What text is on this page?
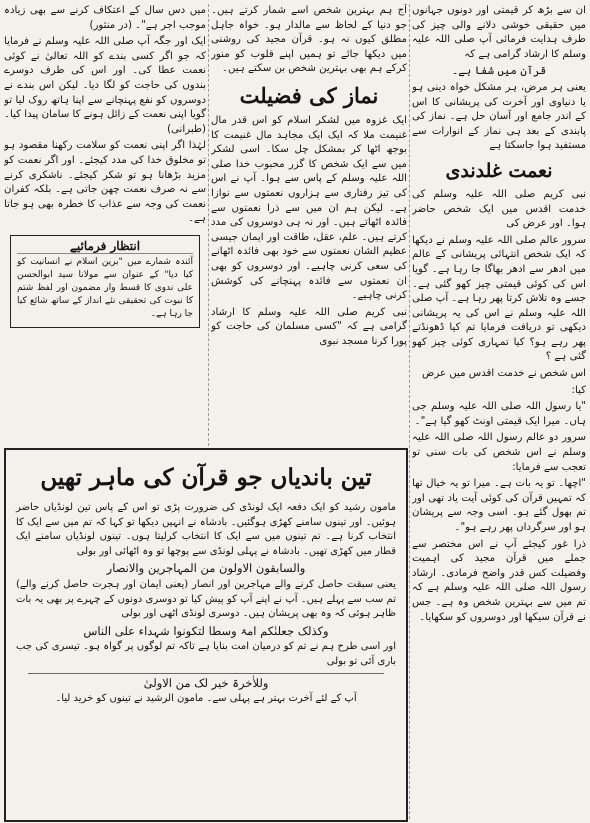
ان سے بڑھ کر قیمتی اور دونوں جہانوں میں حقیقی خوشی دلانے والی چیز کی طرف ہدایت فرمائی آپ صلی اللہ علیہ وسلم کا ارشاد گرامی ہے کہ

قرآن میں شفا ہے۔

یعنی ہر مرض، ہر مشکل خواہ دینی ہو یا دنیاوی اور آخرت کی پریشانی کا اس کے اندر جامع اور آسان حل ہے۔ نماز کی پابندی کے بعد ہی نماز کے انوارات سے مستفید ہوا جاسکتا ہے

نعمت غلدندی

نبی کریم صلی اللہ علیہ وسلم کی خدمت اقدس میں ایک شخص حاضر ہوا۔ اور عرض کی

سرور عالم صلی اللہ علیہ وسلم نے دیکھا کہ ایک شخص انتہائی پریشانی کے عالم میں ادھر سے ادھر بھاگا جا رہا ہے۔ گویا اس کی کوئی قیمتی چیز کھو گئی ہے۔ جسے وہ تلاش کرتا پھر رہا ہے۔ آپ صلی اللہ علیہ وسلم نے اس کی یہ پریشانی دیکھی تو دریافت فرمایا تم کیا ڈھونڈتے پھر رہے ہو؟ کیا تمہاری کوئی چیز کھو گئی ہے ؟

اس شخص نے خدمت اقدس میں عرض

کیا:

"یا رسول اللہ صلی اللہ علیہ وسلم جی ہاں۔ میرا ایک قیمتی اونٹ کھو گیا ہے"۔

سرور دو عالم رسول اللہ صلی اللہ علیہ وسلم نے اس شخص کی بات سنی تو تعجب سے فرمایا:

"اچھا۔ تو یہ بات ہے۔ میرا تو یہ خیال تھا کہ تمہیں قرآن کی کوئی آیت یاد تھی اور تم بھول گئے ہو۔ اسی وجہ سے پریشان ہو اور سرگرداں پھر رہے ہو"۔

ذرا غور کیجئے آپ نے اس مختصر سے جملے میں قرآن مجید کی اہمیت وفضیلت کس قدر واضح فرمادی۔ ارشاد رسول اللہ صلی اللہ علیہ وسلم ہے کہ تم میں سے بہترین شخص وہ ہے۔ جس نے قرآن سیکھا اور دوسروں کو سکھایا۔

آج ہم بہترین شخص اسے شمار کرتے ہیں۔ جو دنیا کے لحاظ سے مالدار ہو۔ خواہ جاہل مطلق کیوں نہ ہو۔ قرآن مجید کی روشنی میں دیکھا جائے تو ہمیں اپنے قلوب کو منور کرکے ہم بھی بہترین شخص بن سکتے ہیں۔

نماز کی فضیلت

ایک غزوہ میں لشکر اسلام کو اس قدر مال غنیمت ملا کہ ایک ایک مجاہد مال غنیمت کا بوجھ اٹھا کر بمشکل چل سکا۔ اسی لشکر میں سے ایک شخص کا گزر محبوب خدا صلی اللہ علیہ وسلم کے پاس سے ہوا۔ آپ نے اس کی تیز رفتاری سے ہزاروں نعمتوں سے نوازا ہے۔ لیکن ہم ان میں سے ذرا نعمتوں سے فائدہ اٹھاتے ہیں۔ اور نہ ہی دوسروں کی مدد کرتے ہیں۔ علم، عقل، طاقت اور ایمان جیسی عظیم الشان نعمتوں سے خود بھی فائدہ اٹھانے کی سعی کرنی چاہیے۔ اور دوسروں کو بھی ان نعمتوں سے فائدہ پہنچانے کی کوشش کرنی چاہیے۔

نبی کریم صلی اللہ علیہ وسلم کا ارشاد گرامی ہے کہ "کسی مسلمان کی حاجت کو پورا کرنا مسجد نبوی

میں دس سال کے اعتکاف کرنے سے بھی زیادہ موجب اجر ہے"۔ (در منثور)

ایک اور جگہ آپ صلی اللہ علیہ وسلم نے فرمایا کہ جو اگر کسی بندے کو اللہ تعالیٰ نے کوئی نعمت عطا کی۔ اور اس کی طرف دوسرے بندوں کی حاجت کو لگا دیا۔ لیکن اس بندے نے دوسروں کو نفع پہنچانے سے اپنا ہاتھ روک لیا تو گویا اپنی نعمت کے زائل ہونے کا سامان پیدا کیا۔ (طبرانی)

لہٰذا اگر اپنی نعمت کو سلامت رکھنا مقصود ہو تو مخلوق خدا کی مدد کیجئے۔ اور اگر نعمت کو مزید بڑھانا ہو تو شکر کیجئے۔ ناشکری کرنے سے نہ صرف نعمت چھن جاتی ہے۔ بلکہ کفران نعمت کی وجہ سے عذاب کا خطرہ بھی ہو جاتا ہے۔

انتظار فرمائیے

آئندہ شمارے میں "برین اسلام نے انسانیت کو کیا دیا" کے عنوان سے مولانا سید ابوالحسن علی ندوی کا قسط وار مضمون اور لفظ شتم کا نبوت کی تحقیقی نئے انداز کے ساتھ شائع کیا جا رہا ہے۔

تین باندیاں جو قرآن کی ماہر تھیں

مامون رشید کو ایک دفعہ ایک لونڈی کی ضرورت پڑی تو اس کے پاس تین لونڈیاں حاضر ہوئیں۔ اور تینوں سامنے کھڑی ہوگئیں۔ بادشاہ نے انہیں دیکھا تو کہا کہ تم میں سے ایک کا انتخاب کرنا ہے۔ تم تینوں میں سے ایک کا انتخاب کرلیتا ہوں۔ تینوں لونڈیاں سامنے ایک قطار میں کھڑی تھیں۔ بادشاہ نے پہلی لونڈی سے پوچھا تو وہ اٹھائی اور بولی

والسابقون الاولون من المہاجرین والانصار

یعنی سبقت حاصل کرنے والے مہاجرین اور انصار (یعنی ایمان اور ہجرت حاصل کرنے والے) تم سب سے پہلے ہیں۔ آپ نے اپنے آپ کو پیش کیا تو دوسری دونوں کے چہرے پر بھی یہ بات ظاہر ہوئی کہ وہ بھی پریشان ہیں۔ دوسری لونڈی اٹھی اور بولی

وکذلک جعلنٰکم امۃ وسطا لتکونوا شہداء علی الناس

اور اسی طرح ہم نے تم کو درمیان امت بنایا ہے تاکہ تم لوگوں پر گواہ ہو۔ تیسری کی جب باری آئی تو بولی

وللاٰخرۃ خیر لک من الاولیٰ

آپ کے لئے آخرت بہتر ہے پہلی سے۔ مامون الرشید نے تینوں کو خرید لیا۔
